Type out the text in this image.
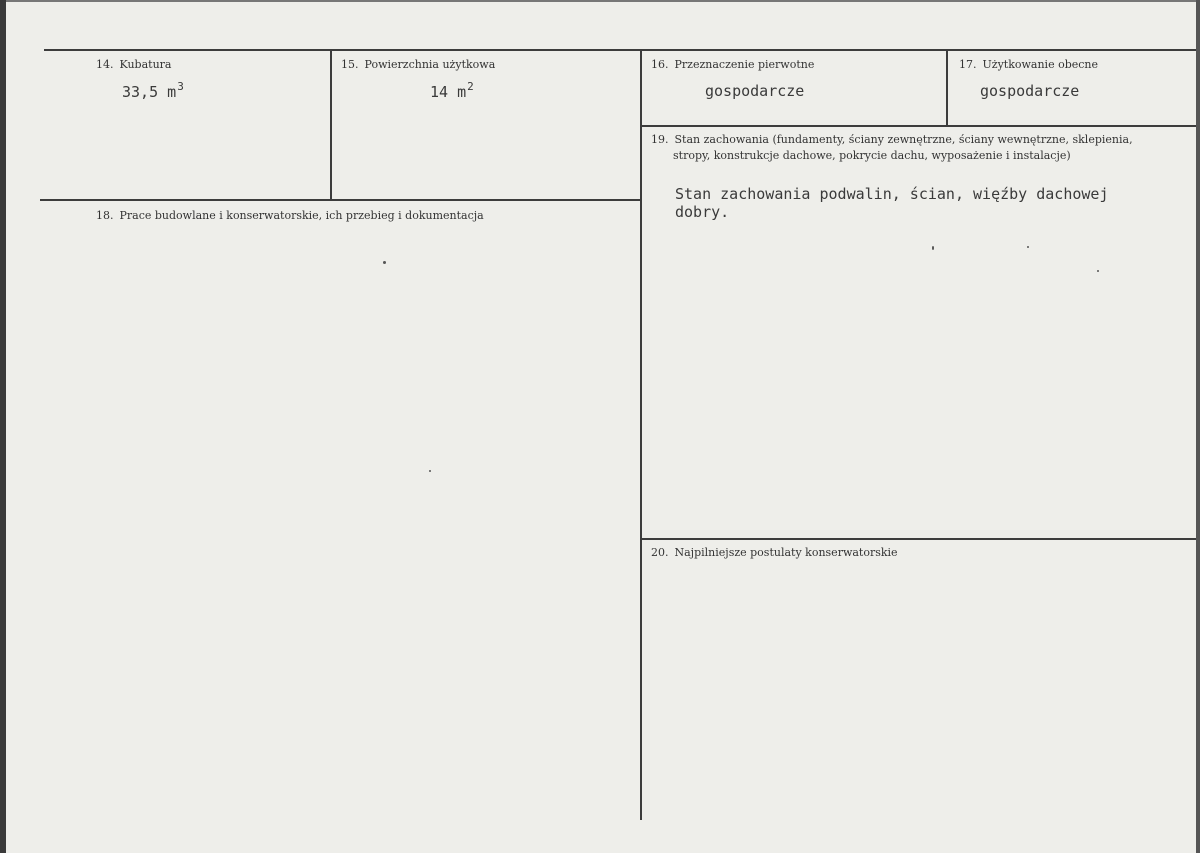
14. Kubatura
33,5 $m^3$
15. Powierzchnia użytkowa
14 $m^2$
16. Przeznaczenie pierwotne
gospodarcze
17. Użytkowanie obecne
gospodarcze
18. Prace budowlane i konserwatorskie, ich przebieg i dokumentacja
19. Stan zachowania (fundamenty, ściany zewnętrzne, ściany wewnętrzne, sklepienia,
stropy, konstrukcje dachowe, pokrycie dachu, wyposażenie i instalacje)
Stan zachowania podwalin, ścian, więźby dachowej
dobry.
20. Najpilniejsze postulaty konserwatorskie
